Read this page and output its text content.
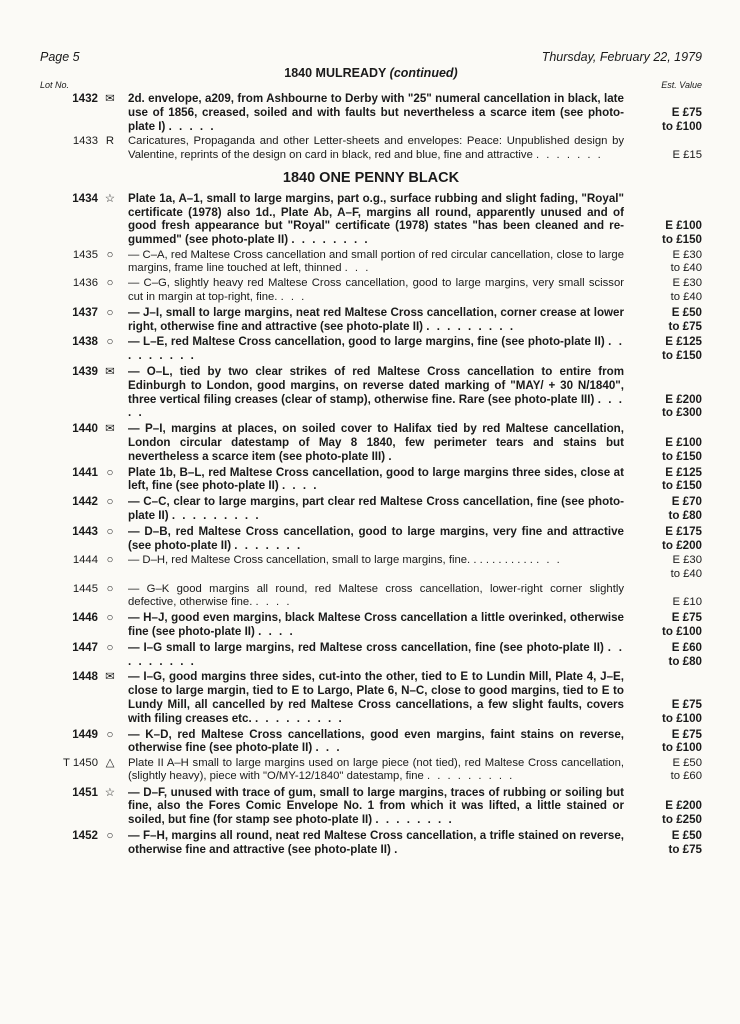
Page 5	Thursday, February 22, 1979
1840 MULREADY (continued)
Lot No.	Est. Value
1432 ✉	2d. envelope, a209, from Ashbourne to Derby with "25" numeral cancellation in black, late use of 1856, creased, soiled and with faults but nevertheless a scarce item (see photo-plate I) . . . . .
E £75
to £100
1433 R	Caricatures, Propaganda and other Letter-sheets and envelopes: Peace: Unpublished design by Valentine, reprints of the design on card in black, red and blue, fine and attractive . . . . . . .	E £15
1840 ONE PENNY BLACK
1434 ☆	Plate 1a, A–1, small to large margins, part o.g., surface rubbing and slight fading, "Royal" certificate (1978) also 1d., Plate Ab, A–F, margins all round, apparently unused and of good fresh appearance but "Royal" certificate (1978) states "has been cleaned and re-gummed" (see photo-plate II) . . . . . . . .
E £100
to £150
1435 ○	— C–A, red Maltese Cross cancellation and small portion of red circular cancellation, close to large margins, frame line touched at left, thinned . . .
E £30
to £40
1436 ○	— C–G, slightly heavy red Maltese Cross cancellation, good to large margins, very small scissor cut in margin at top-right, fine. . . .
E £30
to £40
1437 ○	— J–I, small to large margins, neat red Maltese Cross cancellation, corner crease at lower right, otherwise fine and attractive (see photo-plate II) . . . . . . . . .
E £50
to £75
1438 ○	— L–E, red Maltese Cross cancellation, good to large margins, fine (see photo-plate II) . . . . . . . . .
E £125
to £150
1439 ✉	— O–L, tied by two clear strikes of red Maltese Cross cancellation to entire from Edinburgh to London, good margins, on reverse dated marking of "MAY/ + 30 N/1840", three vertical filing creases (clear of stamp), otherwise fine. Rare (see photo-plate III) . . . . .
E £200
to £300
1440 ✉	— P–I, margins at places, on soiled cover to Halifax tied by red Maltese cancellation, London circular datestamp of May 8 1840, few perimeter tears and stains but nevertheless a scarce item (see photo-plate III) .
E £100
to £150
1441 ○	Plate 1b, B–L, red Maltese Cross cancellation, good to large margins three sides, close at left, fine (see photo-plate II) . . . .
E £125
to £150
1442 ○	— C–C, clear to large margins, part clear red Maltese Cross cancellation, fine (see photo-plate II) . . . . . . . . .
E £70
to £80
1443 ○	— D–B, red Maltese Cross cancellation, good to large margins, very fine and attractive (see photo-plate II) . . . . . . .
E £175
to £200
1444 ○	— D–H, red Maltese Cross cancellation, small to large margins, fine. . . . . . . . . . . . . .	E £30
to £40
1445 ○	— G–K good margins all round, red Maltese cross cancellation, lower-right corner slightly defective, otherwise fine. . . . .	E £10
1446 ○	— H–J, good even margins, black Maltese Cross cancellation a little overinked, otherwise fine (see photo-plate II) . . . .
E £75
to £100
1447 ○	— I–G small to large margins, red Maltese cross cancellation, fine (see photo-plate II) . . . . . . . . .
E £60
to £80
1448 ✉	— I–G, good margins three sides, cut-into the other, tied to E to Lundin Mill, Plate 4, J–E, close to large margin, tied to E to Largo, Plate 6, N–C, close to good margins, tied to E to Lundy Mill, all cancelled by red Maltese Cross cancellations, a few slight faults, covers with filing creases etc. . . . . . . . . .
E £75
to £100
1449 ○	— K–D, red Maltese Cross cancellations, good even margins, faint stains on reverse, otherwise fine (see photo-plate II) . . .
E £75
to £100
T 1450 △	Plate II A–H small to large margins used on large piece (not tied), red Maltese Cross cancellation, (slightly heavy), piece with "O/MY-12/1840" datestamp, fine . . . . . . . . .
E £50
to £60
1451 ☆	— D–F, unused with trace of gum, small to large margins, traces of rubbing or soiling but fine, also the Fores Comic Envelope No. 1 from which it was lifted, a little stained or soiled, but fine (for stamp see photo-plate II) . . . . . . . .
E £200
to £250
1452 ○	— F–H, margins all round, neat red Maltese Cross cancellation, a trifle stained on reverse, otherwise fine and attractive (see photo-plate II) .
E £50
to £75
